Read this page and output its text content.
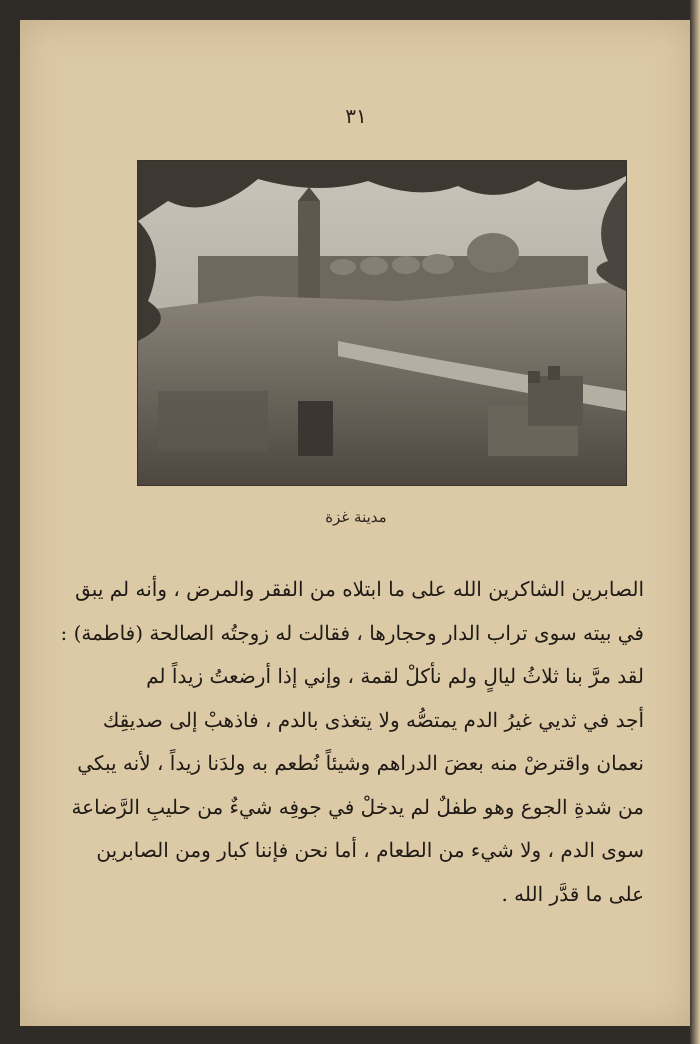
٣١
مدينة غزة
الصابرين الشاكرين الله على ما ابتلاه من الفقر والمرض ، وأنه لم يبق
في بيته سوى تراب الدار وحجارها ، فقالت له زوجتُه الصالحة (فاطمة) :
لقد مرَّ بنا ثلاثُ ليالٍ ولم نأكلْ لقمة ، وإني إذا أرضعتُ زيداً لم
أجد في ثديي غيرُ الدم يمتصُّه ولا يتغذى بالدم ، فاذهبْ إلى صديقِك
نعمان واقترضْ منه بعضَ الدراهم وشيئاً نُطعم به ولدَنا زيداً ، لأنه يبكي
من شدةِ الجوع وهو طفلٌ لم يدخلْ في جوفِه شيءٌ من حليبِ الرَّضاعة
سوى الدم ، ولا شيء من الطعام ، أما نحن فإننا كبار ومن الصابرين
على ما قدَّر الله .
